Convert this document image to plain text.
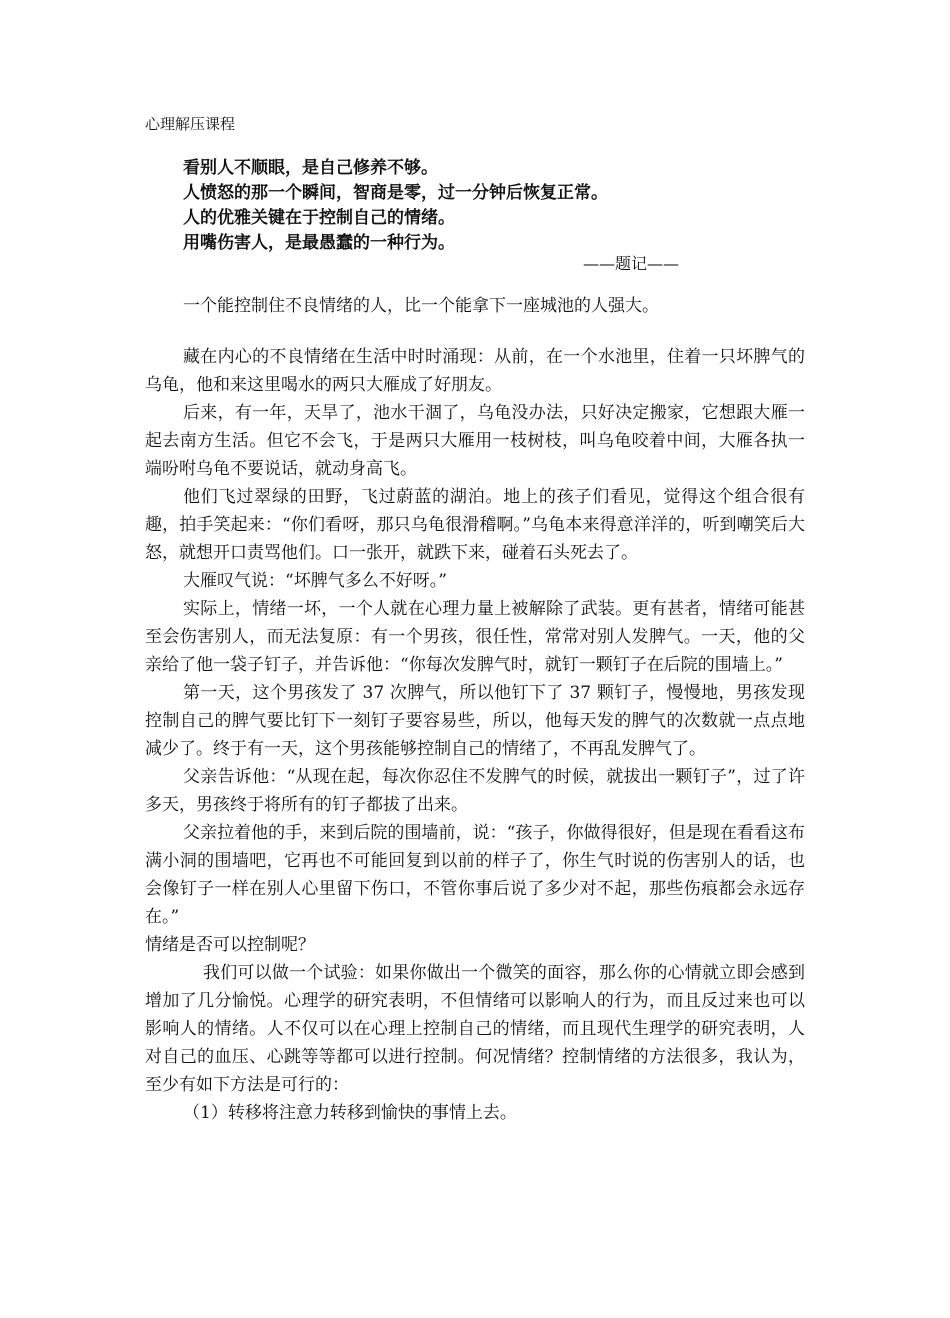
心理解压课程
看别人不顺眼，是自己修养不够。
人愤怒的那一个瞬间，智商是零，过一分钟后恢复正常。
人的优雅关键在于控制自己的情绪。
用嘴伤害人，是最愚蠢的一种行为。
——题记——
一个能控制住不良情绪的人，比一个能拿下一座城池的人强大。

藏在内心的不良情绪在生活中时时涌现：从前，在一个水池里，住着一只坏脾气的乌龟，他和来这里喝水的两只大雁成了好朋友。

后来，有一年，天旱了，池水干涸了，乌龟没办法，只好决定搬家，它想跟大雁一起去南方生活。但它不会飞，于是两只大雁用一枝树枝，叫乌龟咬着中间，大雁各执一端吩咐乌龟不要说话，就动身高飞。

他们飞过翠绿的田野，飞过蔚蓝的湖泊。地上的孩子们看见，觉得这个组合很有趣，拍手笑起来：“你们看呀，那只乌龟很滑稽啊。”乌龟本来得意洋洋的，听到嘲笑后大怒，就想开口责骂他们。口一张开，就跌下来，碰着石头死去了。

大雁叹气说：“坏脾气多么不好呀。”

实际上，情绪一坏，一个人就在心理力量上被解除了武装。更有甚者，情绪可能甚至会伤害别人，而无法复原：有一个男孩，很任性，常常对别人发脾气。一天，他的父亲给了他一袋子钉子，并告诉他：“你每次发脾气时，就钉一颗钉子在后院的围墙上。”

第一天，这个男孩发了 37 次脾气，所以他钉下了 37 颗钉子，慢慢地，男孩发现控制自己的脾气要比钉下一刻钉子要容易些，所以，他每天发的脾气的次数就一点点地减少了。终于有一天，这个男孩能够控制自己的情绪了，不再乱发脾气了。

父亲告诉他：“从现在起，每次你忍住不发脾气的时候，就拔出一颗钉子”，过了许多天，男孩终于将所有的钉子都拔了出来。

父亲拉着他的手，来到后院的围墙前，说：“孩子，你做得很好，但是现在看看这布满小洞的围墙吧，它再也不可能回复到以前的样子了，你生气时说的伤害别人的话，也会像钉子一样在别人心里留下伤口，不管你事后说了多少对不起，那些伤痕都会永远存在。”

情绪是否可以控制呢？

我们可以做一个试验：如果你做出一个微笑的面容，那么你的心情就立即会感到增加了几分愉悦。心理学的研究表明，不但情绪可以影响人的行为，而且反过来也可以影响人的情绪。人不仅可以在心理上控制自己的情绪，而且现代生理学的研究表明，人对自己的血压、心跳等等都可以进行控制。何况情绪？控制情绪的方法很多，我认为，至少有如下方法是可行的：

（1）转移将注意力转移到愉快的事情上去。
